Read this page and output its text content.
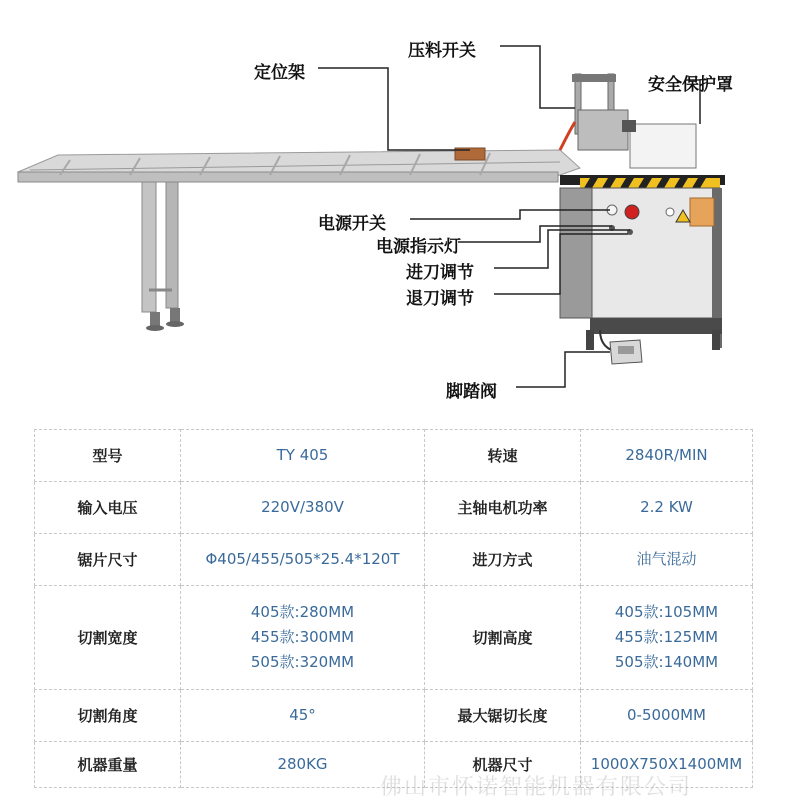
定位架
压料开关
安全保护罩
电源开关
电源指示灯
进刀调节
退刀调节
脚踏阀
型号	TY 405	转速	2840R/MIN

输入电压	220V/380V	主轴电机功率	2.2 KW

锯片尺寸	Φ405/455/505*25.4*120T	进刀方式	油气混动

切割宽度	405款:280MM
455款:300MM
505款:320MM	切割高度	405款:105MM
455款:125MM
505款:140MM

切割角度	45°	最大锯切长度	0-5000MM

机器重量	280KG	机器尺寸	1000X750X1400MM
佛山市怀诺智能机器有限公司
